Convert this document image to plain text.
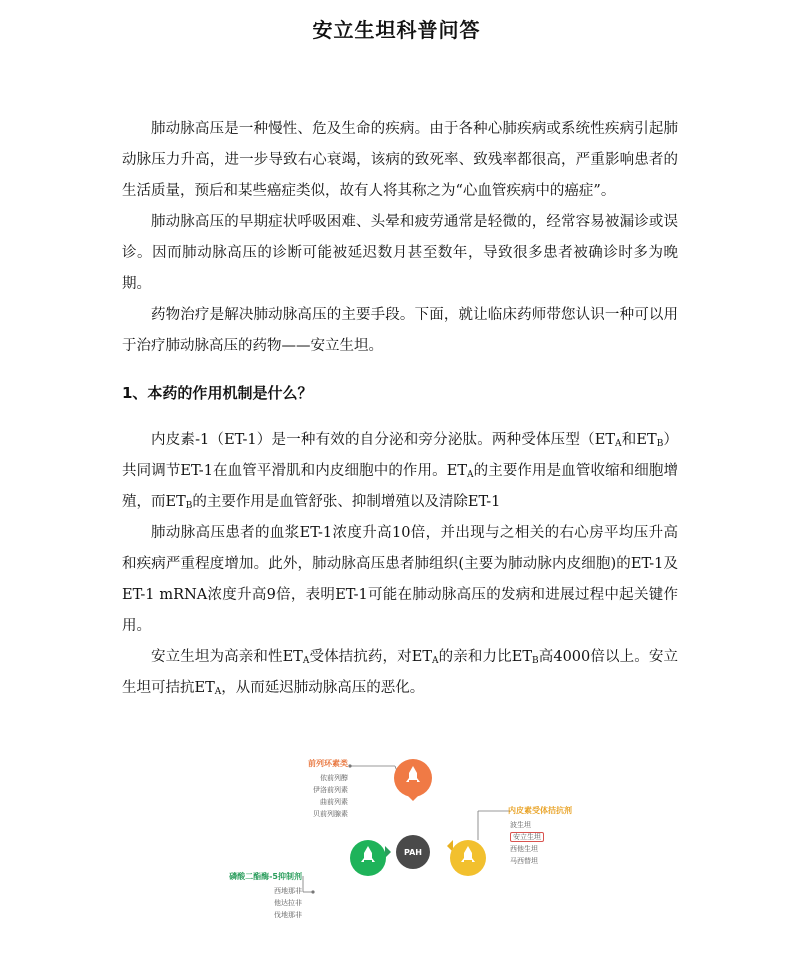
安立生坦科普问答

肺动脉高压是一种慢性、危及生命的疾病。由于各种心肺疾病或系统性疾病引起肺动脉压力升高，进一步导致右心衰竭，该病的致死率、致残率都很高，严重影响患者的生活质量，预后和某些癌症类似，故有人将其称之为“心血管疾病中的癌症”。

肺动脉高压的早期症状呼吸困难、头晕和疲劳通常是轻微的，经常容易被漏诊或误诊。因而肺动脉高压的诊断可能被延迟数月甚至数年，导致很多患者被确诊时多为晚期。

药物治疗是解决肺动脉高压的主要手段。下面，就让临床药师带您认识一种可以用于治疗肺动脉高压的药物——安立生坦。

1、本药的作用机制是什么？

内皮素-1（ET-1）是一种有效的自分泌和旁分泌肽。两种受体压型（$ET_A$和$ET_B$）共同调节ET-1在血管平滑肌和内皮细胞中的作用。$ET_A$的主要作用是血管收缩和细胞增殖，而$ET_B$的主要作用是血管舒张、抑制增殖以及清除ET-1

肺动脉高压患者的血浆ET-1浓度升高10倍，并出现与之相关的右心房平均压升高和疾病严重程度增加。此外，肺动脉高压患者肺组织(主要为肺动脉内皮细胞)的ET-1及ET-1 mRNA浓度升高9倍，表明ET-1可能在肺动脉高压的发病和进展过程中起关键作用。

安立生坦为高亲和性$ET_A$受体拮抗药，对$ET_A$的亲和力比$ET_B$高4000倍以上。安立生坦可拮抗$ET_A$，从而延迟肺动脉高压的恶化。

PAH
前列环素类
依前列醇
伊洛前列素
曲前列素
贝前列腺素	内皮素受体拮抗剂
波生坦
安立生坦
西他生坦
马西替坦
磷酸二酯酶-5抑制剂
西地那非
他达拉非
伐地那非
